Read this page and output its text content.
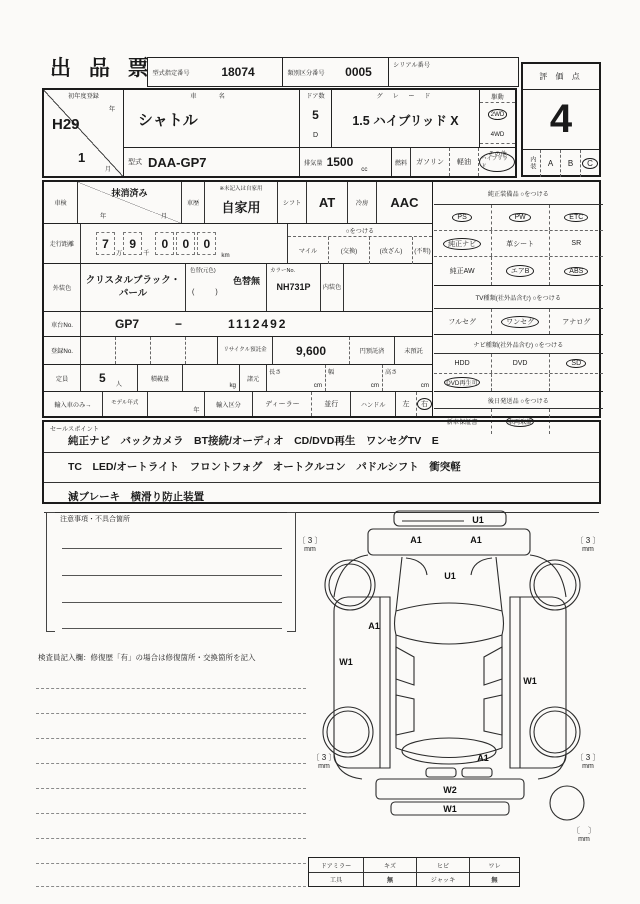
出 品 票
型式指定番号	18074	類別区分番号	0005	シリアル番号
評 価 点
4
内装	A	B	C
初年度登録
年
H29
1
月
車　名
シャトル
ドア数
5
D
グ レ ー ド
1.5 ハイブリッド X
駆動
2WD
4WD
その他
型式 DAA-GP7	排気量 1500
cc
燃料	ガソリン	軽油	ハイブリッド
車検
抹消済み
年	月
車歴
※未記入は自家用
自家用	シフト	AT	冷房	AAC
走行距離	7
万
9
千
0	0	0
km
○をつける
マイル	(交換)	(改ざん)	(不明)
外装色
クリスタルブラック・
パール
色替(元色)
色替無
(　　　)
カラーNo.
NH731P	内装色
車台No.	GP7	−	1112492
登録No.	リサイクル預託金	9,600	円預託済	未預託
定員	5	人
積載量
kg
諸元
長さ
cm
幅
cm
高さ
cm
輸入車のみ→	モデル年式
年
輸入区分	ディーラー	並行	ハンドル	左	右
純正装備品 ○をつける
PS	PW	ETC
純正ナビ	革シート	SR
純正AW	エアB	ABS
TV種類(社外品含む) ○をつける
フルセグ	ワンセグ	アナログ
ナビ種類(社外品含む) ○をつける
HDD	DVD	SD
DVD再生可
後日発送品 ○をつける
新車保証書	車両取説
セールスポイント
純正ナビ　バックカメラ　BT接続/オーディオ　CD/DVD再生　ワンセグTV　E
TC　LED/オートライト　フロントフォグ　オートクルコン　パドルシフト　衝突軽
減ブレーキ　横滑り防止装置
注意事項・不具合箇所
検査員記入欄：修復歴「有」の場合は修復箇所・交換箇所を記入
U1
A1	A1
U1
A1
W1
W1
A1
W2
W1
〔 3 〕
mm
〔 3 〕
mm
〔 3 〕
mm
〔 3 〕
mm
〔　〕
mm
ドアミラー	キズ	ヒビ	ワレ
工具	無	ジャッキ	無
